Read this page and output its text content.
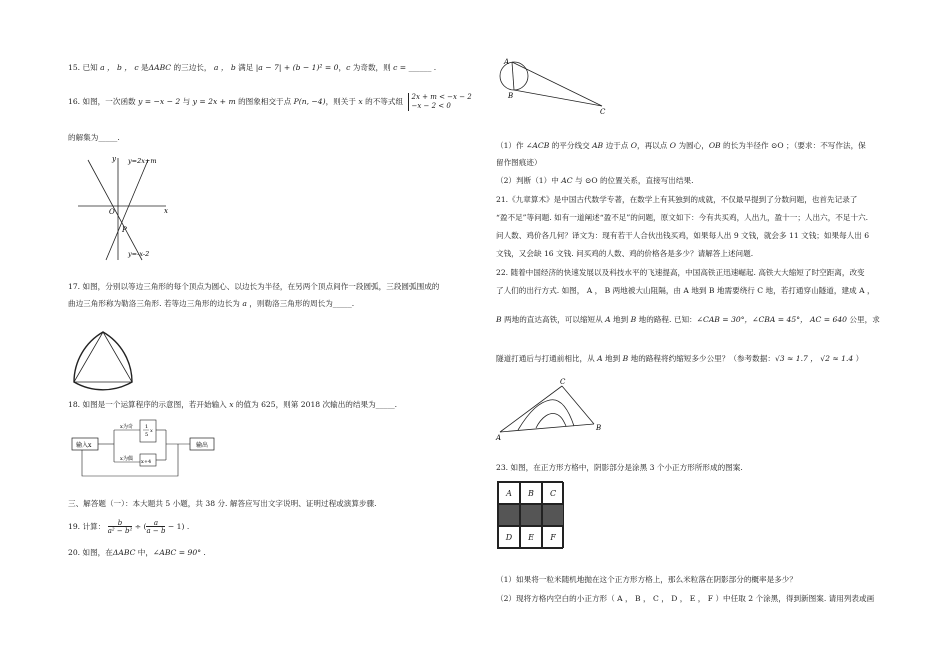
15. 已知 a ， b ， c 是ΔABC 的三边长， a ， b 满足 |a − 7| + (b − 1)² = 0，c 为奇数，则 c = ______ .
16. 如图，一次函数 y = −x − 2 与 y = 2x + m 的图象相交于点 P(n, −4)，则关于 x 的不等式组 2x + m < −x − 2
−x − 2 < 0
的解集为_____.
y
x
O
P
y=2x+m
y=-x-2
17. 如图，分别以等边三角形的每个顶点为圆心、以边长为半径，在另两个顶点间作一段圆弧，三段圆弧围成的
曲边三角形称为勒洛三角形. 若等边三角形的边长为 a ，则勒洛三角形的周长为_____.
18. 如图是一个运算程序的示意图，若开始输入 x 的值为 625，则第 2018 次输出的结果为_____.
输入x
x为奇
x为偶
1
5
x
x+4
输出
三、解答题（一）：本大题共 5 小题，共 38 分. 解答应写出文字说明、证明过程或演算步骤.
19. 计算： $\frac{b}{\text{a² − b²}} \div (\frac{a}{a - b} - 1)$ .
20. 如图，在ΔABC 中，∠ABC = 90° .
A
B
C
（1）作 ∠ACB 的平分线交 AB 边于点 O，再以点 O 为圆心，OB 的长为半径作 ⊙O ；（要求：不写作法，保
留作图痕迹）
（2）判断（1）中 AC 与 ⊙O 的位置关系，直接写出结果.
21.《九章算术》是中国古代数学专著，在数学上有其独到的成就，不仅最早提到了分数问题，也首先记录了
“盈不足”等问题. 如有一道阐述“盈不足”的问题，原文如下：今有共买鸡，人出九，盈十一；人出六，不足十六.
问人数、鸡价各几何？译文为：现有若干人合伙出钱买鸡，如果每人出 9 文钱，就会多 11 文钱；如果每人出 6
文钱，又会缺 16 文钱. 问买鸡的人数、鸡的价格各是多少？请解答上述问题.
22. 随着中国经济的快速发展以及科技水平的飞速提高，中国高铁正迅速崛起. 高铁大大缩短了时空距离，改变
了人们的出行方式. 如图， A ， B 两地被大山阻隔，由 A 地到 B 地需要绕行 C 地，若打通穿山隧道，建成 A ，
B 两地的直达高铁，可以缩短从 A 地到 B 地的路程. 已知：∠CAB = 30°，∠CBA = 45°， AC = 640 公里，求
隧道打通后与打通前相比，从 A 地到 B 地的路程将约缩短多少公里？（参考数据：√3 ≈ 1.7 ， √2 ≈ 1.4 ）
A
B
C
23. 如图，在正方形方格中，阴影部分是涂黑 3 个小正方形所形成的图案.
A	B	C
D	E	F
（1）如果将一粒米随机地抛在这个正方形方格上，那么米粒落在阴影部分的概率是多少？
（2）现将方格内空白的小正方形（ A ， B ， C ， D ， E ， F ）中任取 2 个涂黑，得到新图案. 请用列表或画
